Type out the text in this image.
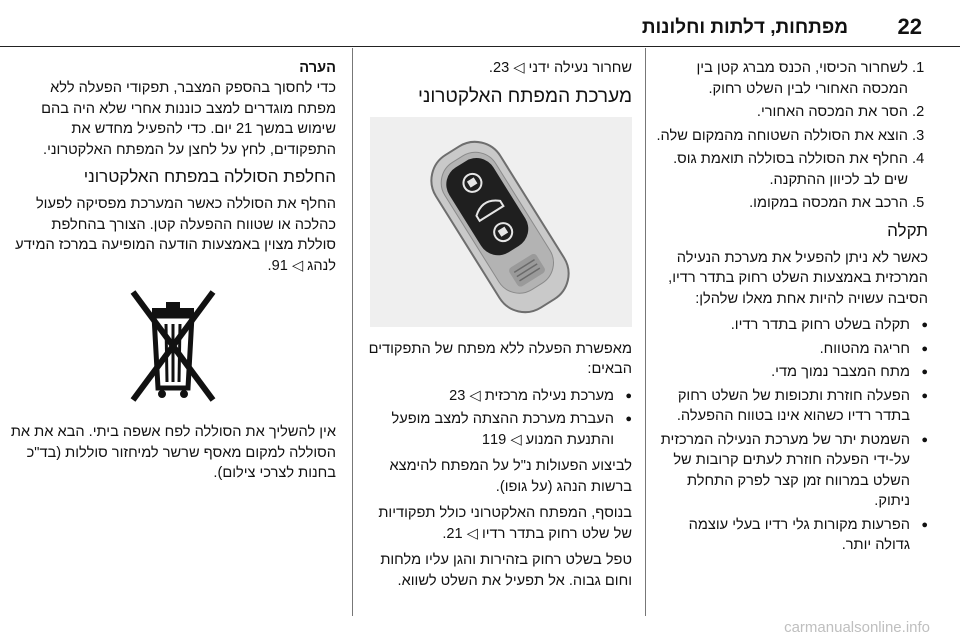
22
מפתחות, דלתות וחלונות
1. לשחרור הכיסוי, הכנס מברג קטן בין המכסה האחורי לבין השלט רחוק.
2. הסר את המכסה האחורי.
3. הוצא את הסוללה השטוחה מהמקום שלה.
4. החלף את הסוללה בסוללה תואמת גוס. שים לב לכיוון ההתקנה.
5. הרכב את המכסה במקומו.
תקלה

כאשר לא ניתן להפעיל את מערכת הנעילה המרכזית באמצעות השלט רחוק בתדר רדיו, הסיבה עשויה להיות אחת מאלו שלהלן:

● תקלה בשלט רחוק בתדר רדיו.
● חריגה מהטווח.
● מתח המצבר נמוך מדי.
● הפעלה חוזרת ותכופות של השלט רחוק בתדר רדיו כשהוא אינו בטווח ההפעלה.
● השמטת יתר של מערכת הנעילה המרכזית על-ידי הפעלה חוזרת לעתים קרובות של השלט במרווח זמן קצר לפרק התחלת ניתוק.
● הפרעות מקורות גלי רדיו בעלי עוצמה גדולה יותר.

שחרור נעילה ידני ◁ 23.

מערכת המפתח האלקטרוני

מאפשרת הפעלה ללא מפתח של התפקודים הבאים:

● מערכת נעילה מרכזית ◁ 23
● העברת מערכת ההצתה למצב מופעל והתנעת המנוע ◁ 119

לביצוע הפעולות נ"ל על המפתח להימצא ברשות הנהג (על גופו).

בנוסף, המפתח האלקטרוני כולל תפקודיות של שלט רחוק בתדר רדיו ◁ 21.

טפל בשלט רחוק בזהירות והגן עליו מלחות וחום גבוה. אל תפעיל את השלט לשווא.

הערה

כדי לחסוך בהספק המצבר, תפקודי הפעלה ללא מפתח מוגדרים למצב כוננות אחרי שלא היה בהם שימוש במשך 21 יום. כדי להפעיל מחדש את התפקודים, לחץ על לחצן על המפתח האלקטרוני.

החלפת הסוללה במפתח האלקטרוני

החלף את הסוללה כאשר המערכת מפסיקה לפעול כהלכה או שטווח ההפעלה קטן. הצורך בהחלפת סוללת מצוין באמצעות הודעה המופיעה במרכז המידע לנהג ◁ 91.

אין להשליך את הסוללה לפח אשפה ביתי. הבא את את הסוללה למקום מאסף שרשר למיחזור סוללות (בד"כ בחנות לצרכי צילום).

carmanualsonline.info
